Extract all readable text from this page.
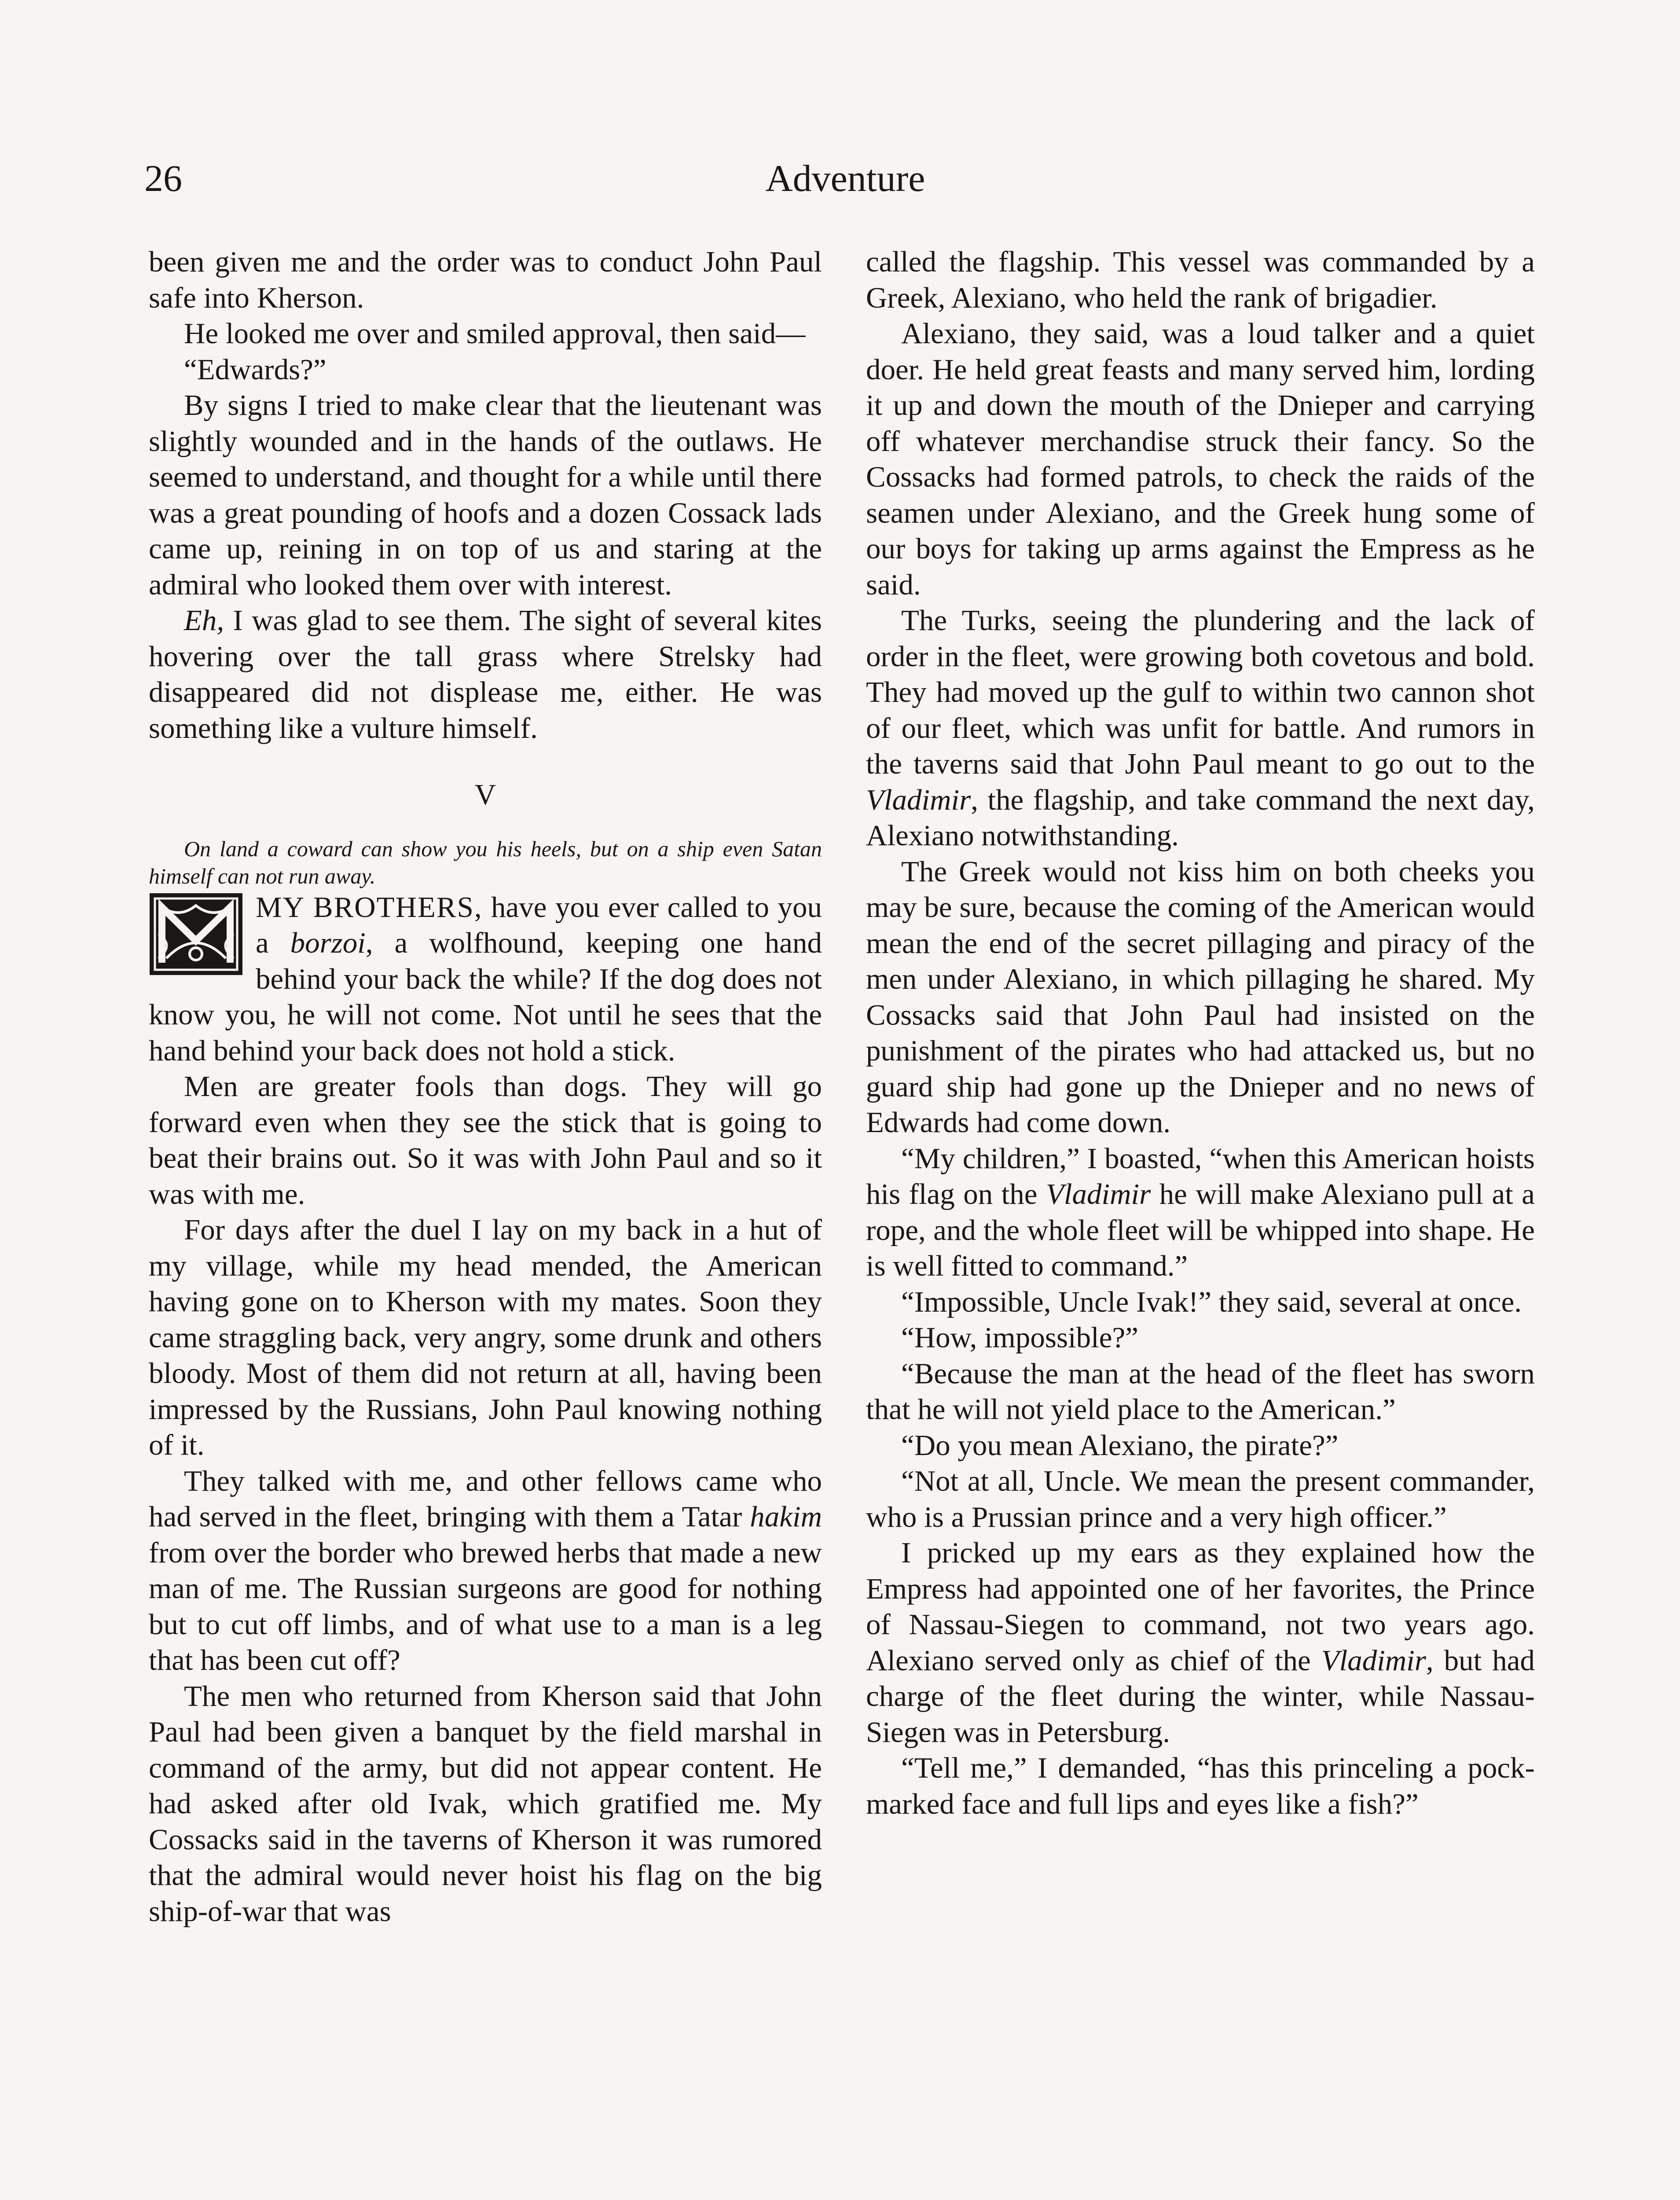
26	Adventure

been given me and the order was to conduct John Paul safe into Kherson.

He looked me over and smiled approval, then said—

“Edwards?”

By signs I tried to make clear that the lieutenant was slightly wounded and in the hands of the outlaws. He seemed to understand, and thought for a while until there was a great pounding of hoofs and a dozen Cossack lads came up, reining in on top of us and staring at the admiral who looked them over with interest.

Eh, I was glad to see them. The sight of several kites hovering over the tall grass where Strelsky had disappeared did not displease me, either. He was something like a vulture himself.

V

On land a coward can show you his heels, but on a ship even Satan himself can not run away.

MY BROTHERS, have you ever called to you a borzoi, a wolfhound, keeping one hand behind your back the while? If the dog does not know you, he will not come. Not until he sees that the hand behind your back does not hold a stick.

Men are greater fools than dogs. They will go forward even when they see the stick that is going to beat their brains out. So it was with John Paul and so it was with me.

For days after the duel I lay on my back in a hut of my village, while my head mended, the American having gone on to Kherson with my mates. Soon they came straggling back, very angry, some drunk and others bloody. Most of them did not return at all, having been impressed by the Russians, John Paul knowing nothing of it.

They talked with me, and other fellows came who had served in the fleet, bringing with them a Tatar hakim from over the border who brewed herbs that made a new man of me. The Russian surgeons are good for nothing but to cut off limbs, and of what use to a man is a leg that has been cut off?

The men who returned from Kherson said that John Paul had been given a banquet by the field marshal in command of the army, but did not appear content. He had asked after old Ivak, which gratified me. My Cossacks said in the taverns of Kherson it was rumored that the admiral would never hoist his flag on the big ship-of-war that was

called the flagship. This vessel was commanded by a Greek, Alexiano, who held the rank of brigadier.

Alexiano, they said, was a loud talker and a quiet doer. He held great feasts and many served him, lording it up and down the mouth of the Dnieper and carrying off whatever merchandise struck their fancy. So the Cossacks had formed patrols, to check the raids of the seamen under Alexiano, and the Greek hung some of our boys for taking up arms against the Empress as he said.

The Turks, seeing the plundering and the lack of order in the fleet, were growing both covetous and bold. They had moved up the gulf to within two cannon shot of our fleet, which was unfit for battle. And rumors in the taverns said that John Paul meant to go out to the Vladimir, the flagship, and take command the next day, Alexiano notwithstanding.

The Greek would not kiss him on both cheeks you may be sure, because the coming of the American would mean the end of the secret pillaging and piracy of the men under Alexiano, in which pillaging he shared. My Cossacks said that John Paul had insisted on the punishment of the pirates who had attacked us, but no guard ship had gone up the Dnieper and no news of Edwards had come down.

“My children,” I boasted, “when this American hoists his flag on the Vladimir he will make Alexiano pull at a rope, and the whole fleet will be whipped into shape. He is well fitted to command.”

“Impossible, Uncle Ivak!” they said, several at once.

“How, impossible?”

“Because the man at the head of the fleet has sworn that he will not yield place to the American.”

“Do you mean Alexiano, the pirate?”

“Not at all, Uncle. We mean the present commander, who is a Prussian prince and a very high officer.”

I pricked up my ears as they explained how the Empress had appointed one of her favorites, the Prince of Nassau-Siegen to command, not two years ago. Alexiano served only as chief of the Vladimir, but had charge of the fleet during the winter, while Nassau-Siegen was in Petersburg.

“Tell me,” I demanded, “has this princeling a pock-marked face and full lips and eyes like a fish?”
